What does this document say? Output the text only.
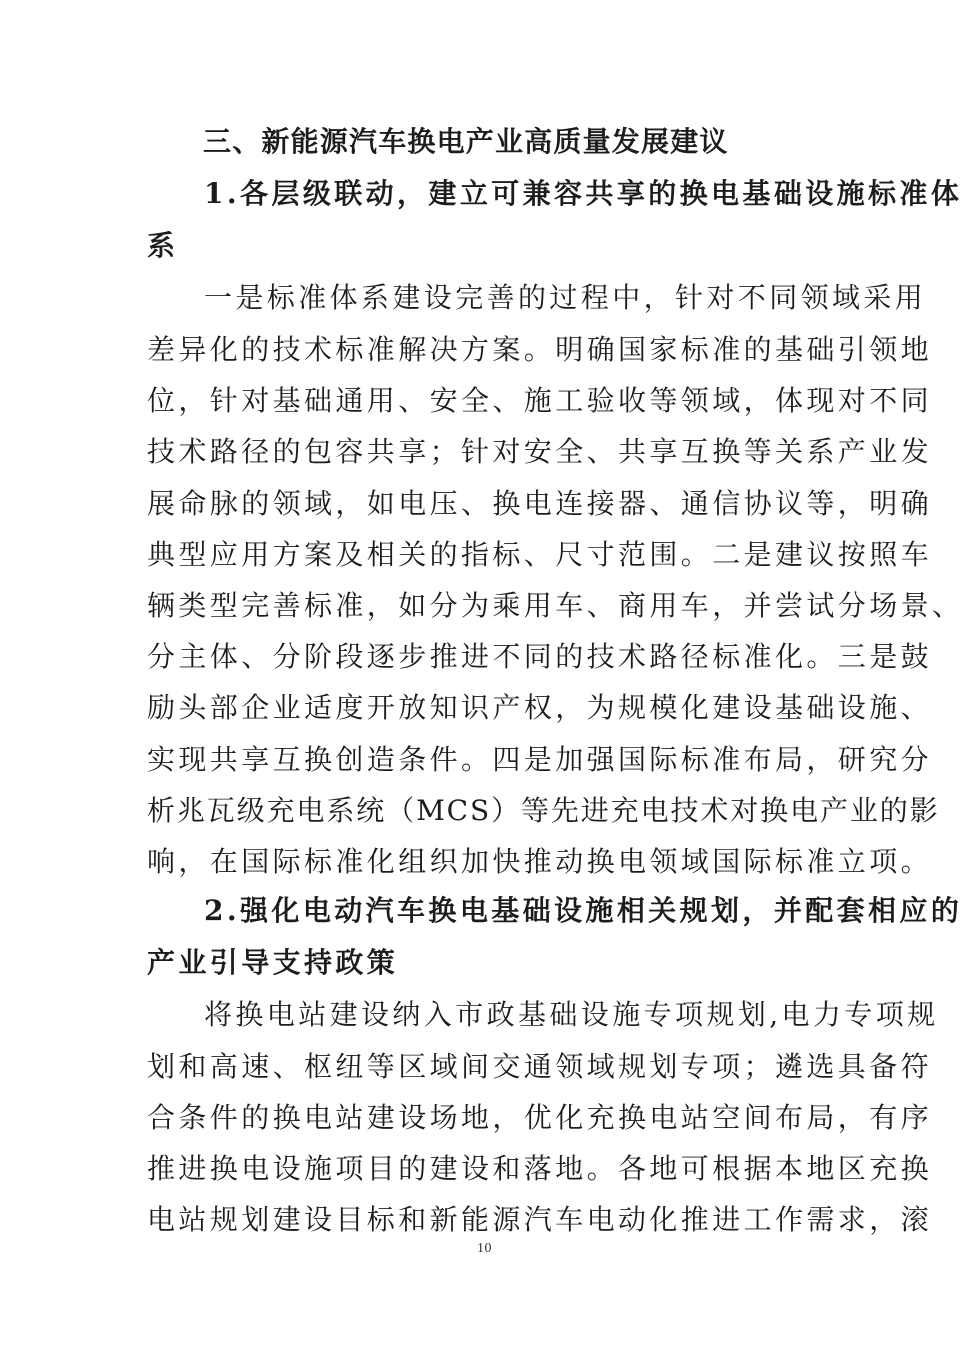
三、新能源汽车换电产业高质量发展建议
1.各层级联动，建立可兼容共享的换电基础设施标准体
系
一是标准体系建设完善的过程中，针对不同领域采用
差异化的技术标准解决方案。明确国家标准的基础引领地
位，针对基础通用、安全、施工验收等领域，体现对不同
技术路径的包容共享；针对安全、共享互换等关系产业发
展命脉的领域，如电压、换电连接器、通信协议等，明确
典型应用方案及相关的指标、尺寸范围。二是建议按照车
辆类型完善标准，如分为乘用车、商用车，并尝试分场景、
分主体、分阶段逐步推进不同的技术路径标准化。三是鼓
励头部企业适度开放知识产权，为规模化建设基础设施、
实现共享互换创造条件。四是加强国际标准布局，研究分
析兆瓦级充电系统（MCS）等先进充电技术对换电产业的影
响，在国际标准化组织加快推动换电领域国际标准立项。
2.强化电动汽车换电基础设施相关规划，并配套相应的
产业引导支持政策
将换电站建设纳入市政基础设施专项规划,电力专项规
划和高速、枢纽等区域间交通领域规划专项；遴选具备符
合条件的换电站建设场地，优化充换电站空间布局，有序
推进换电设施项目的建设和落地。各地可根据本地区充换
电站规划建设目标和新能源汽车电动化推进工作需求，滚
10
